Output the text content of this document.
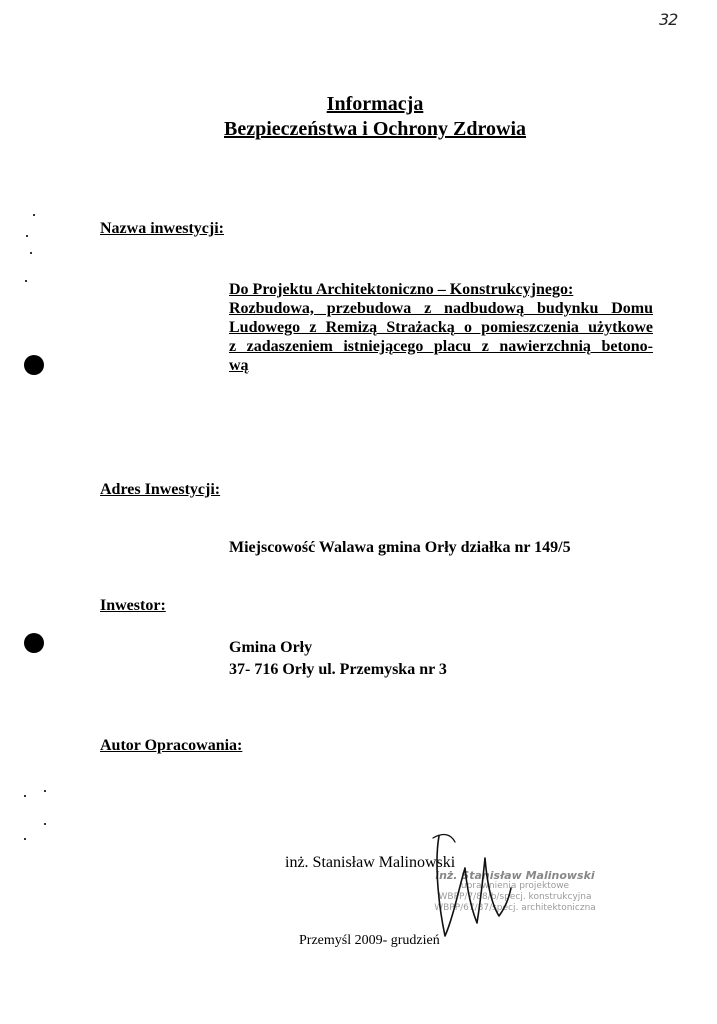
32
Informacja
Bezpieczeństwa i Ochrony Zdrowia
Nazwa inwestycji:
Do Projektu Architektoniczno – Konstrukcyjnego:
Rozbudowa, przebudowa z nadbudową budynku Domu
Ludowego z Remizą Strażacką o pomieszczenia użytkowe
z zadaszeniem istniejącego placu z nawierzchnią betono-
wą
Adres Inwestycji:
Miejscowość Walawa gmina Orły działka nr 149/5
Inwestor:
Gmina Orły
37- 716 Orły ul. Przemyska nr 3
Autor Opracowania:
inż. Stanisław Malinowski
inż. Stanisław Malinowski
uprawnienia projektowe
WBPP/7/88/b/specj. konstrukcyjna
WBPP/67/87/specj. architektoniczna
Przemyśl 2009- grudzień
